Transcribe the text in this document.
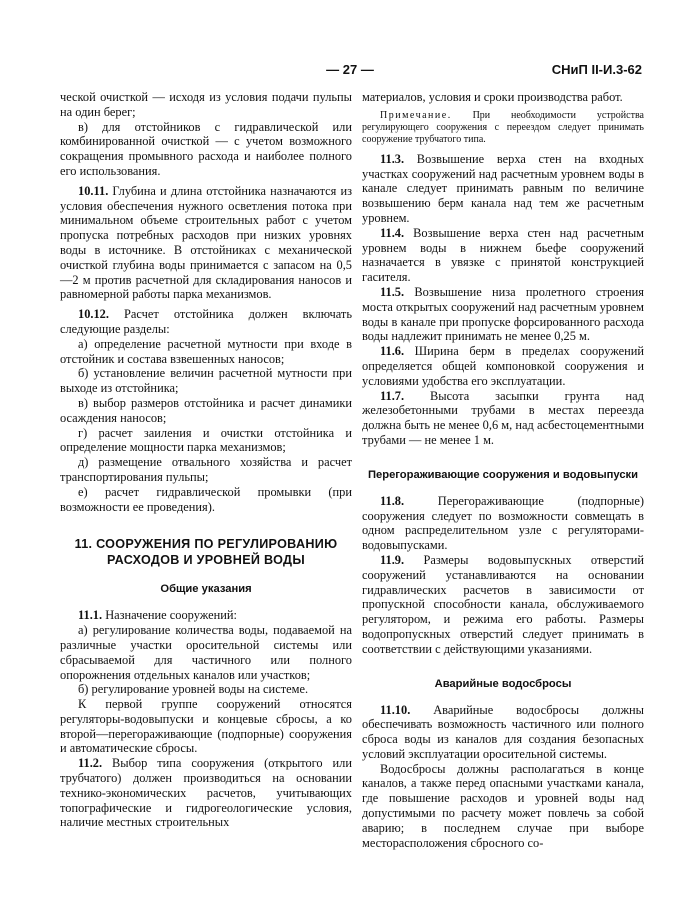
— 27 —	СНиП II-И.3-62

ческой очисткой — исходя из условия подачи пульпы на один берег;

в) для отстойников с гидравлической или комбинированной очисткой — с учетом возможного сокращения промывного расхода и наиболее полного его использования.

10.11. Глубина и длина отстойника назначаются из условия обеспечения нужного осветления потока при минимальном объеме строительных работ с учетом пропуска потребных расходов при низких уровнях воды в источнике. В отстойниках с механической очисткой глубина воды принимается с запасом на 0,5—2 м против расчетной для складирования наносов и равномерной работы парка механизмов.

10.12. Расчет отстойника должен включать следующие разделы:

а) определение расчетной мутности при входе в отстойник и состава взвешенных наносов;

б) установление величин расчетной мутности при выходе из отстойника;

в) выбор размеров отстойника и расчет динамики осаждения наносов;

г) расчет заиления и очистки отстойника и определение мощности парка механизмов;

д) размещение отвального хозяйства и расчет транспортирования пульпы;

е) расчет гидравлической промывки (при возможности ее проведения).

11. СООРУЖЕНИЯ ПО РЕГУЛИРОВАНИЮ РАСХОДОВ И УРОВНЕЙ ВОДЫ
Общие указания

11.1. Назначение сооружений:

а) регулирование количества воды, подаваемой на различные участки оросительной системы или сбрасываемой для частичного или полного опорожнения отдельных каналов или участков;

б) регулирование уровней воды на системе.

К первой группе сооружений относятся регуляторы-водовыпуски и концевые сбросы, а ко второй—перегораживающие (подпорные) сооружения и автоматические сбросы.

11.2. Выбор типа сооружения (открытого или трубчатого) должен производиться на основании технико-экономических расчетов, учитывающих топографические и гидрогеологические условия, наличие местных строительных

материалов, условия и сроки производства работ.

Примечание. При необходимости устройства регулирующего сооружения с переездом следует принимать сооружение трубчатого типа.

11.3. Возвышение верха стен на входных участках сооружений над расчетным уровнем воды в канале следует принимать равным по величине возвышению берм канала над тем же расчетным уровнем.

11.4. Возвышение верха стен над расчетным уровнем воды в нижнем бьефе сооружений назначается в увязке с принятой конструкцией гасителя.

11.5. Возвышение низа пролетного строения моста открытых сооружений над расчетным уровнем воды в канале при пропуске форсированного расхода воды надлежит принимать не менее 0,25 м.

11.6. Ширина берм в пределах сооружений определяется общей компоновкой сооружения и условиями удобства его эксплуатации.

11.7. Высота засыпки грунта над железобетонными трубами в местах переезда должна быть не менее 0,6 м, над асбестоцементными трубами — не менее 1 м.

Перегораживающие сооружения и водовыпуски

11.8. Перегораживающие (подпорные) сооружения следует по возможности совмещать в одном распределительном узле с регуляторами-водовыпусками.

11.9. Размеры водовыпускных отверстий сооружений устанавливаются на основании гидравлических расчетов в зависимости от пропускной способности канала, обслуживаемого регулятором, и режима его работы. Размеры водопропускных отверстий следует принимать в соответствии с действующими указаниями.

Аварийные водосбросы

11.10. Аварийные водосбросы должны обеспечивать возможность частичного или полного сброса воды из каналов для создания безопасных условий эксплуатации оросительной системы.

Водосбросы должны располагаться в конце каналов, а также перед опасными участками канала, где повышение расходов и уровней воды над допустимыми по расчету может повлечь за собой аварию; в последнем случае при выборе месторасположения сбросного со-
